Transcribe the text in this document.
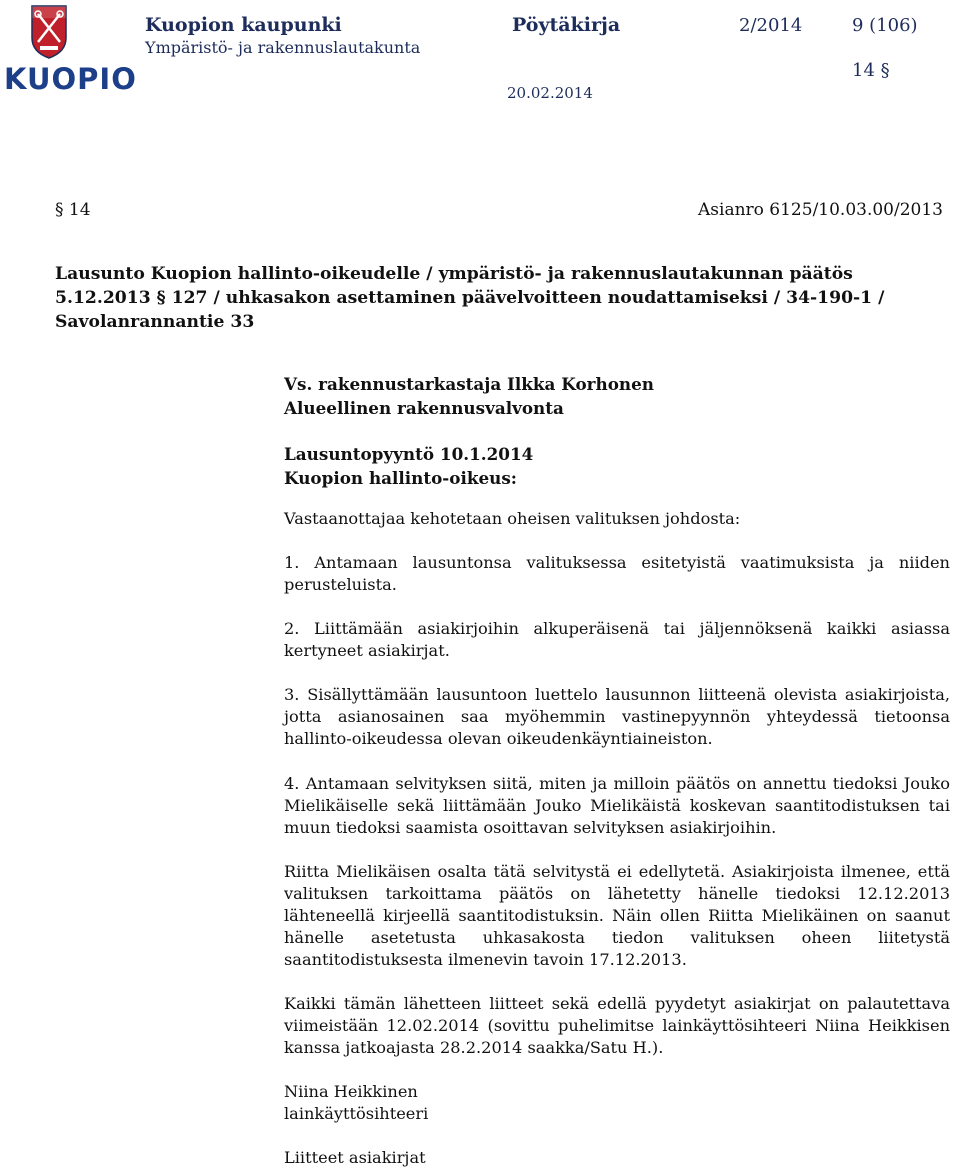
KUOPIO
Kuopion kaupunki
Ympäristö- ja rakennuslautakunta
Pöytäkirja	2/2014	9 (106)
14 §
20.02.2014
§ 14	Asianro 6125/10.03.00/2013
Lausunto Kuopion hallinto-oikeudelle / ympäristö- ja rakennuslautakunnan päätös 5.12.2013 § 127 / uhkasakon asettaminen päävelvoitteen noudattamiseksi / 34-190-1 / Savolanrannantie 33
Vs. rakennustarkastaja Ilkka Korhonen
Alueellinen rakennusvalvonta
Lausuntopyyntö 10.1.2014
Kuopion hallinto-oikeus:
Vastaanottajaa kehotetaan oheisen valituksen johdosta:
1. Antamaan lausuntonsa valituksessa esitetyistä vaatimuksista ja niiden perusteluista.
2. Liittämään asiakirjoihin alkuperäisenä tai jäljennöksenä kaikki asiassa kertyneet asiakirjat.
3. Sisällyttämään lausuntoon luettelo lausunnon liitteenä olevista asiakirjoista, jotta asianosainen saa myöhemmin vastinepyynnön yhteydessä tietoonsa hallinto-oikeudessa olevan oikeudenkäyntiaineiston.
4. Antamaan selvityksen siitä, miten ja milloin päätös on annettu tiedoksi Jouko Mielikäiselle sekä liittämään Jouko Mielikäistä koskevan saantitodistuksen tai muun tiedoksi saamista osoittavan selvityksen asiakirjoihin.
Riitta Mielikäisen osalta tätä selvitystä ei edellytetä. Asiakirjoista ilmenee, että valituksen tarkoittama päätös on lähetetty hänelle tiedoksi 12.12.2013 lähteneellä kirjeellä saantitodistuksin. Näin ollen Riitta Mielikäinen on saanut hänelle asetetusta uhkasakosta tiedon valituksen oheen liitetystä saantitodistuksesta ilmenevin tavoin 17.12.2013.
Kaikki tämän lähetteen liitteet sekä edellä pyydetyt asiakirjat on palautettava viimeistään 12.02.2014 (sovittu puhelimitse lainkäyttösihteeri Niina Heikkisen kanssa jatkoajasta 28.2.2014 saakka/Satu H.).
Niina Heikkinen
lainkäyttösihteeri
Liitteet asiakirjat
